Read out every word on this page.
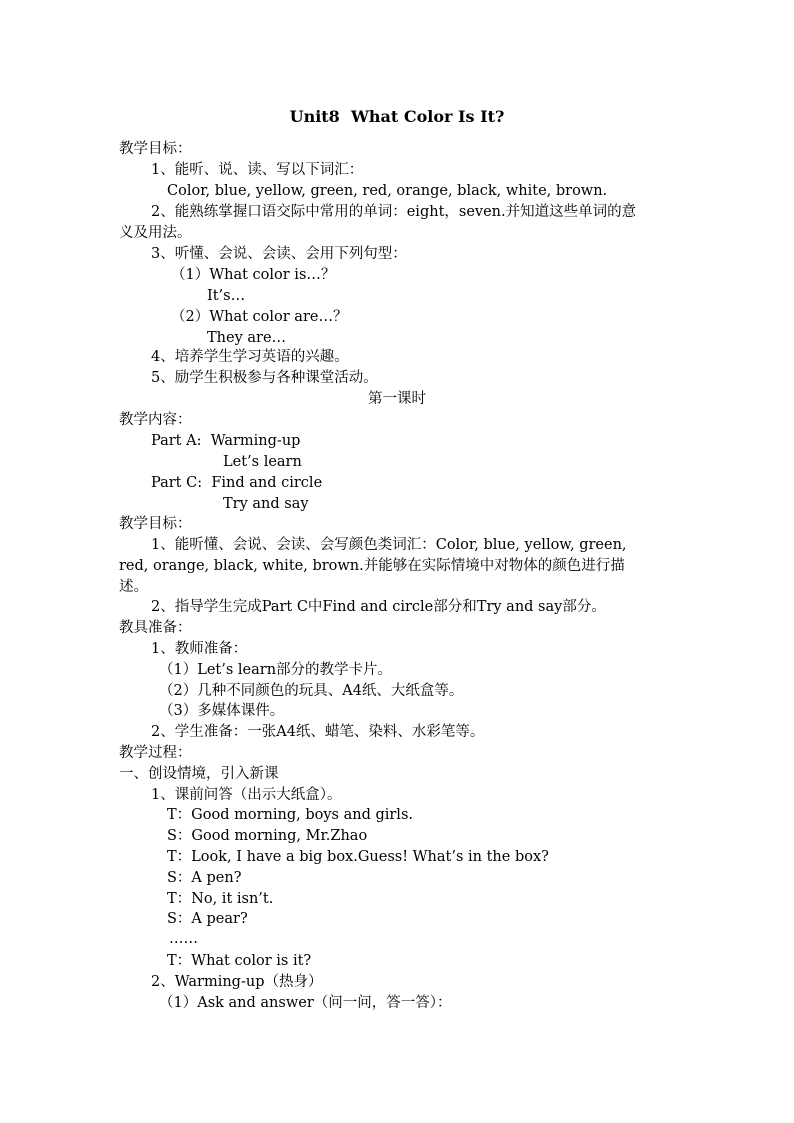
Unit8  What Color Is It?
教学目标：
1、能听、说、读、写以下词汇：
Color, blue, yellow, green, red, orange, black, white, brown.
2、能熟练掌握口语交际中常用的单词：eight，seven.并知道这些单词的意
义及用法。
3、听懂、会说、会读、会用下列句型：
（1）What color is…？
It’s…
（2）What color are…？
They are…
4、培养学生学习英语的兴趣。
5、励学生积极参与各种课堂活动。
第一课时
教学内容：
Part A:  Warming-up
Let’s learn
Part C:  Find and circle
Try and say
教学目标：
1、能听懂、会说、会读、会写颜色类词汇：Color, blue, yellow, green,
red, orange, black, white, brown.并能够在实际情境中对物体的颜色进行描
述。
2、指导学生完成Part C中Find and circle部分和Try and say部分。
教具准备：
1、教师准备：
（1）Let’s learn部分的教学卡片。
（2）几种不同颜色的玩具、A4纸、大纸盒等。
（3）多媒体课件。
2、学生准备：一张A4纸、蜡笔、染料、水彩笔等。
教学过程：
一、创设情境，引入新课
1、课前问答（出示大纸盒）。
T：Good morning, boys and girls.
S：Good morning, Mr.Zhao
T：Look, I have a big box.Guess! What’s in the box?
S：A pen?
T：No, it isn’t.
S：A pear?
……
T：What color is it?
2、Warming-up（热身）
（1）Ask and answer（问一问，答一答）：
